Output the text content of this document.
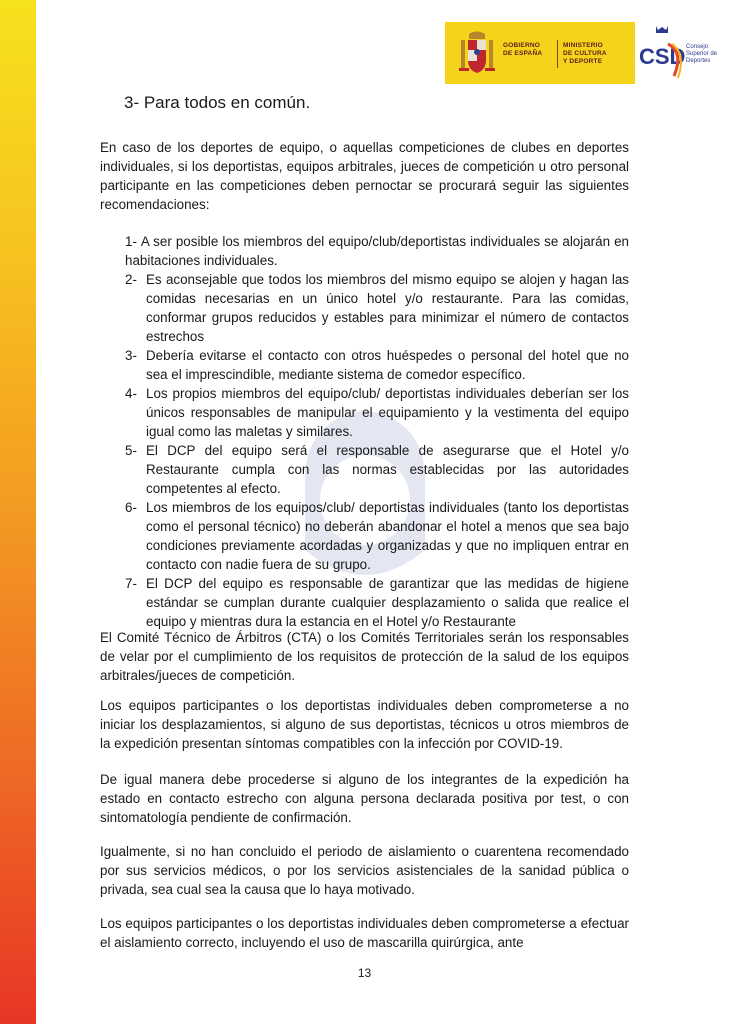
GOBIERNO
DE ESPAÑA
MINISTERIO
DE CULTURA
Y DEPORTE CSD Consejo
Superior de
Deportes
3- Para todos en común.

En caso de los deportes de equipo, o aquellas competiciones de clubes en deportes individuales, si los deportistas, equipos arbitrales, jueces de competición u otro personal participante en las competiciones deben pernoctar se procurará seguir las siguientes recomendaciones:

1- A ser posible los miembros del equipo/club/deportistas individuales se alojarán en habitaciones individuales.
2- Es aconsejable que todos los miembros del mismo equipo se alojen y hagan las comidas necesarias en un único hotel y/o restaurante. Para las comidas, conformar grupos reducidos y estables para minimizar el número de contactos estrechos
3- Debería evitarse el contacto con otros huéspedes o personal del hotel que no sea el imprescindible, mediante sistema de comedor específico.
4- Los propios miembros del equipo/club/ deportistas individuales deberían ser los únicos responsables de manipular el equipamiento y la vestimenta del equipo igual como las maletas y similares.
5- El DCP del equipo será el responsable de asegurarse que el Hotel y/o Restaurante cumpla con las normas establecidas por las autoridades competentes al efecto.
6- Los miembros de los equipos/club/ deportistas individuales (tanto los deportistas como el personal técnico) no deberán abandonar el hotel a menos que sea bajo condiciones previamente acordadas y organizadas y que no impliquen entrar en contacto con nadie fuera de su grupo.
7- El DCP del equipo es responsable de garantizar que las medidas de higiene estándar se cumplan durante cualquier desplazamiento o salida que realice el equipo y mientras dura la estancia en el Hotel y/o Restaurante

El Comité Técnico de Árbitros (CTA) o los Comités Territoriales serán los responsables de velar por el cumplimiento de los requisitos de protección de la salud de los equipos arbitrales/jueces de competición.

Los equipos participantes o los deportistas individuales deben comprometerse a no iniciar los desplazamientos, si alguno de sus deportistas, técnicos u otros miembros de la expedición presentan síntomas compatibles con la infección por COVID-19.

De igual manera debe procederse si alguno de los integrantes de la expedición ha estado en contacto estrecho con alguna persona declarada positiva por test, o con sintomatología pendiente de confirmación.

Igualmente, si no han concluido el periodo de aislamiento o cuarentena recomendado por sus servicios médicos, o por los servicios asistenciales de la sanidad pública o privada, sea cual sea la causa que lo haya motivado.

Los equipos participantes o los deportistas individuales deben comprometerse a efectuar el aislamiento correcto, incluyendo el uso de mascarilla quirúrgica, ante

13
